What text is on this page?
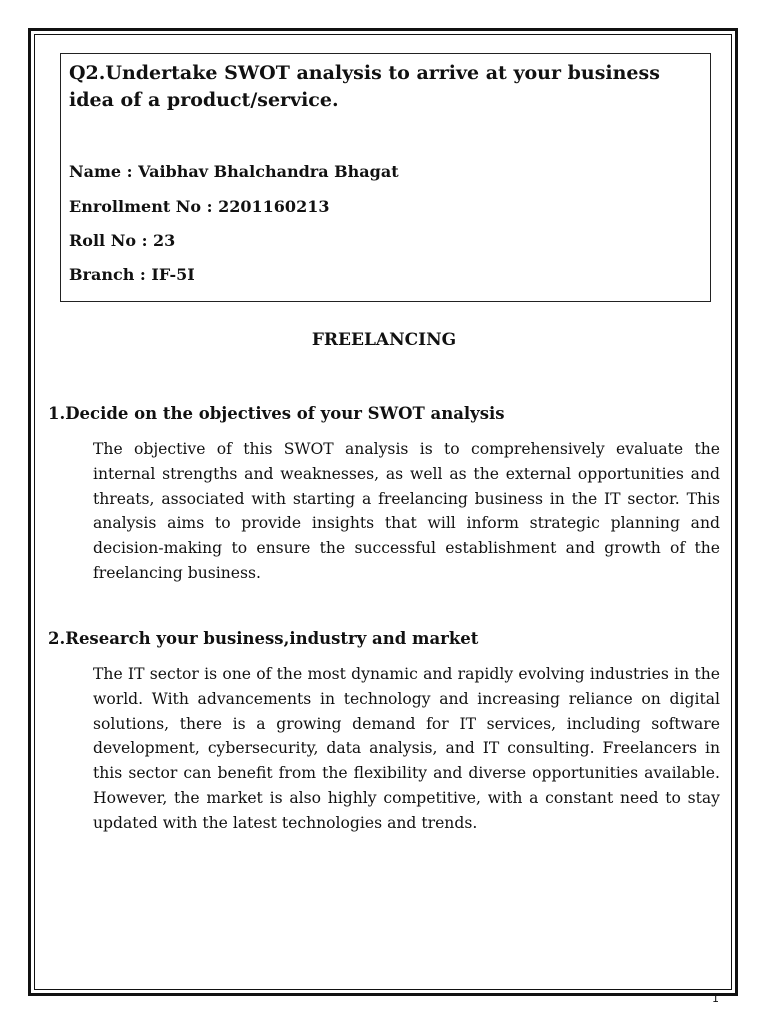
Q2.Undertake SWOT analysis to arrive at your business idea of a product/service.

Name : Vaibhav Bhalchandra Bhagat

Enrollment No : 2201160213

Roll No : 23

Branch : IF-5I

FREELANCING
1.Decide on the objectives of your SWOT analysis

The objective of this SWOT analysis is to comprehensively evaluate the internal strengths and weaknesses, as well as the external opportunities and threats, associated with starting a freelancing business in the IT sector. This analysis aims to provide insights that will inform strategic planning and decision-making to ensure the successful establishment and growth of the freelancing business.

2.Research your business,industry and market

The IT sector is one of the most dynamic and rapidly evolving industries in the world. With advancements in technology and increasing reliance on digital solutions, there is a growing demand for IT services, including software development, cybersecurity, data analysis, and IT consulting. Freelancers in this sector can benefit from the flexibility and diverse opportunities available. However, the market is also highly competitive, with a constant need to stay updated with the latest technologies and trends.

1
